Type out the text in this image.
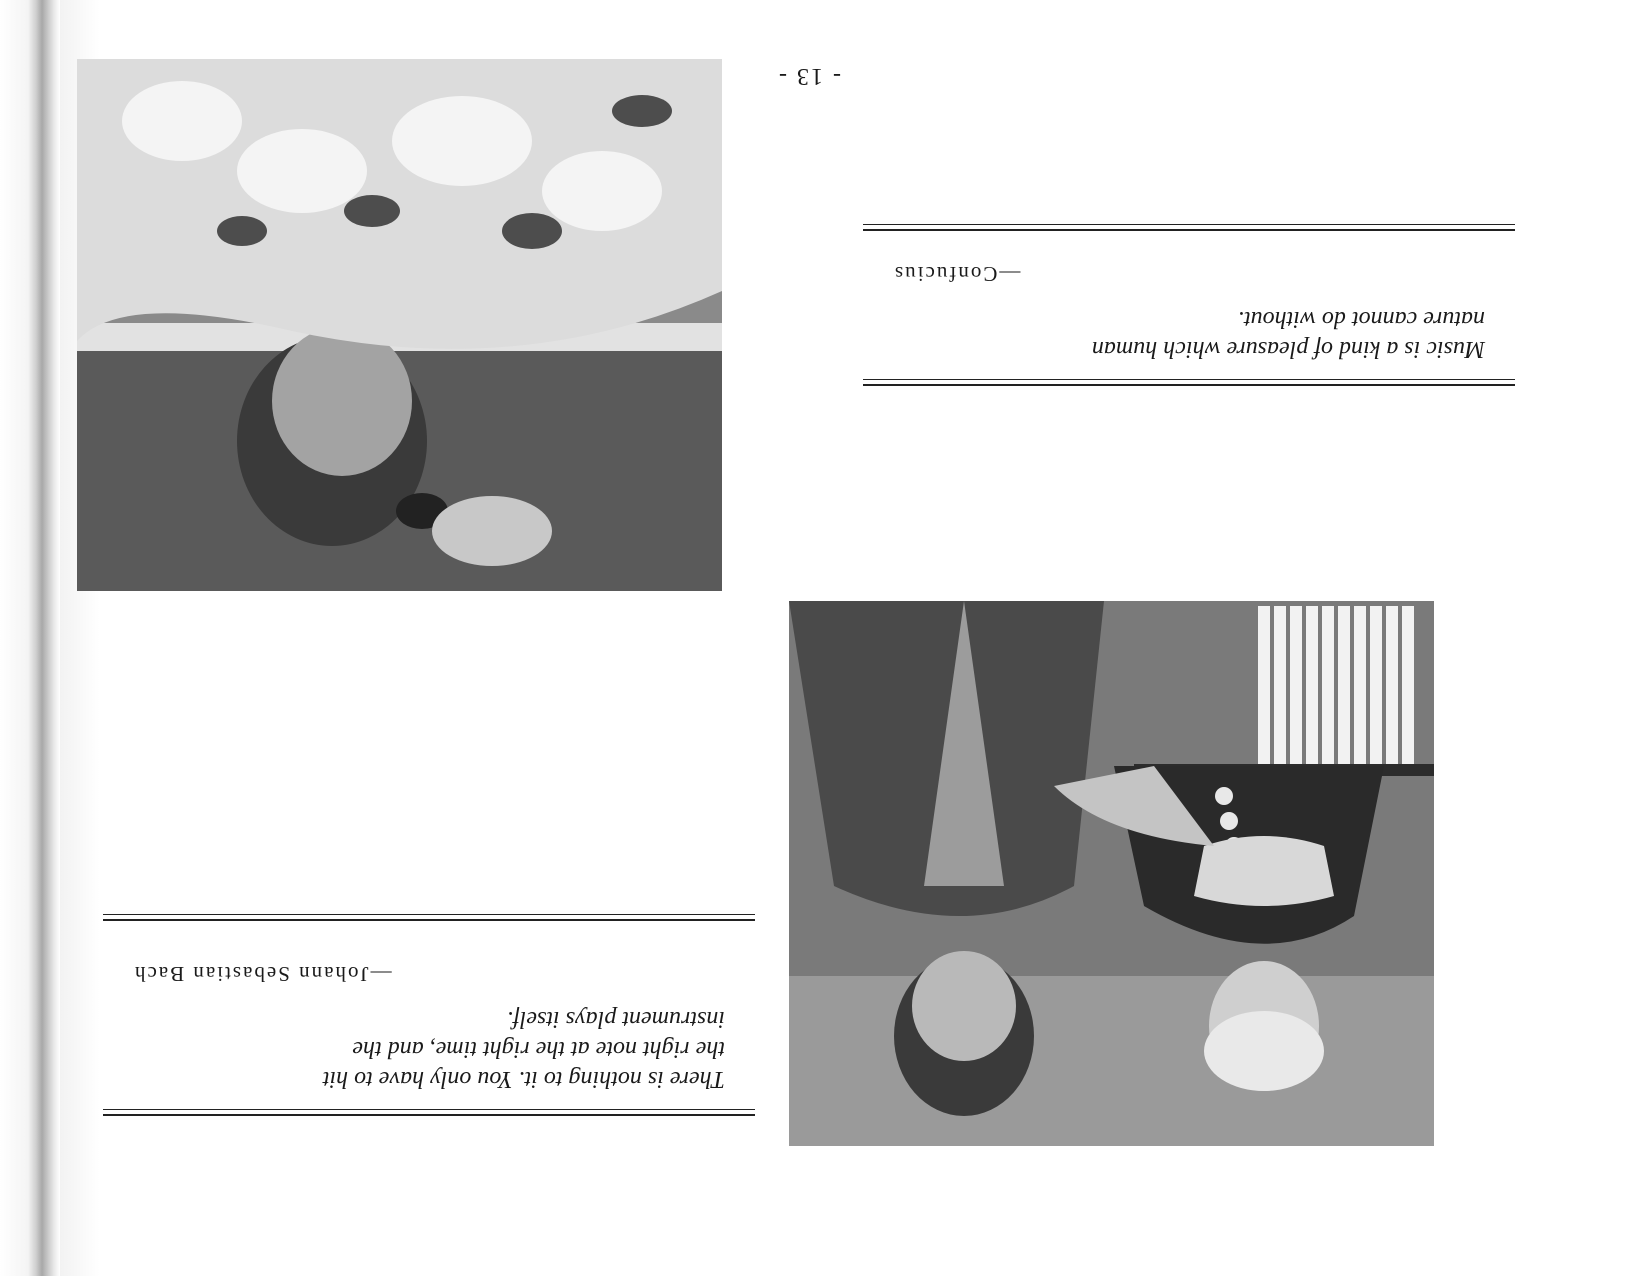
- 13 -
Music is a kind of pleasure which human
nature cannot do without.
—Confucius
There is nothing to it. You only have to hit
the right note at the right time, and the
instrument plays itself.
—Johann Sebastian Bach
